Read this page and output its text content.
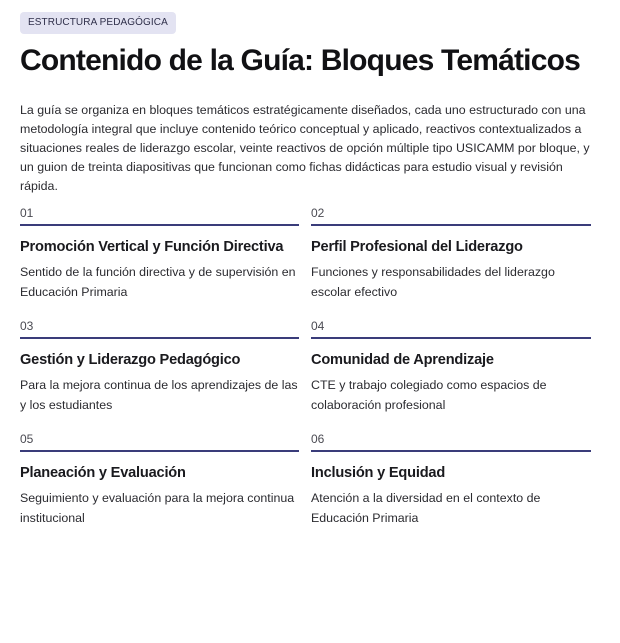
ESTRUCTURA PEDAGÓGICA
Contenido de la Guía: Bloques Temáticos

La guía se organiza en bloques temáticos estratégicamente diseñados, cada uno estructurado con una metodología integral que incluye contenido teórico conceptual y aplicado, reactivos contextualizados a situaciones reales de liderazgo escolar, veinte reactivos de opción múltiple tipo USICAMM por bloque, y un guion de treinta diapositivas que funcionan como fichas didácticas para estudio visual y revisión rápida.

01
Promoción Vertical y Función Directiva
Sentido de la función directiva y de supervisión en Educación Primaria
02
Perfil Profesional del Liderazgo
Funciones y responsabilidades del liderazgo escolar efectivo
03
Gestión y Liderazgo Pedagógico
Para la mejora continua de los aprendizajes de las y los estudiantes
04
Comunidad de Aprendizaje
CTE y trabajo colegiado como espacios de colaboración profesional
05
Planeación y Evaluación
Seguimiento y evaluación para la mejora continua institucional
06
Inclusión y Equidad
Atención a la diversidad en el contexto de Educación Primaria
